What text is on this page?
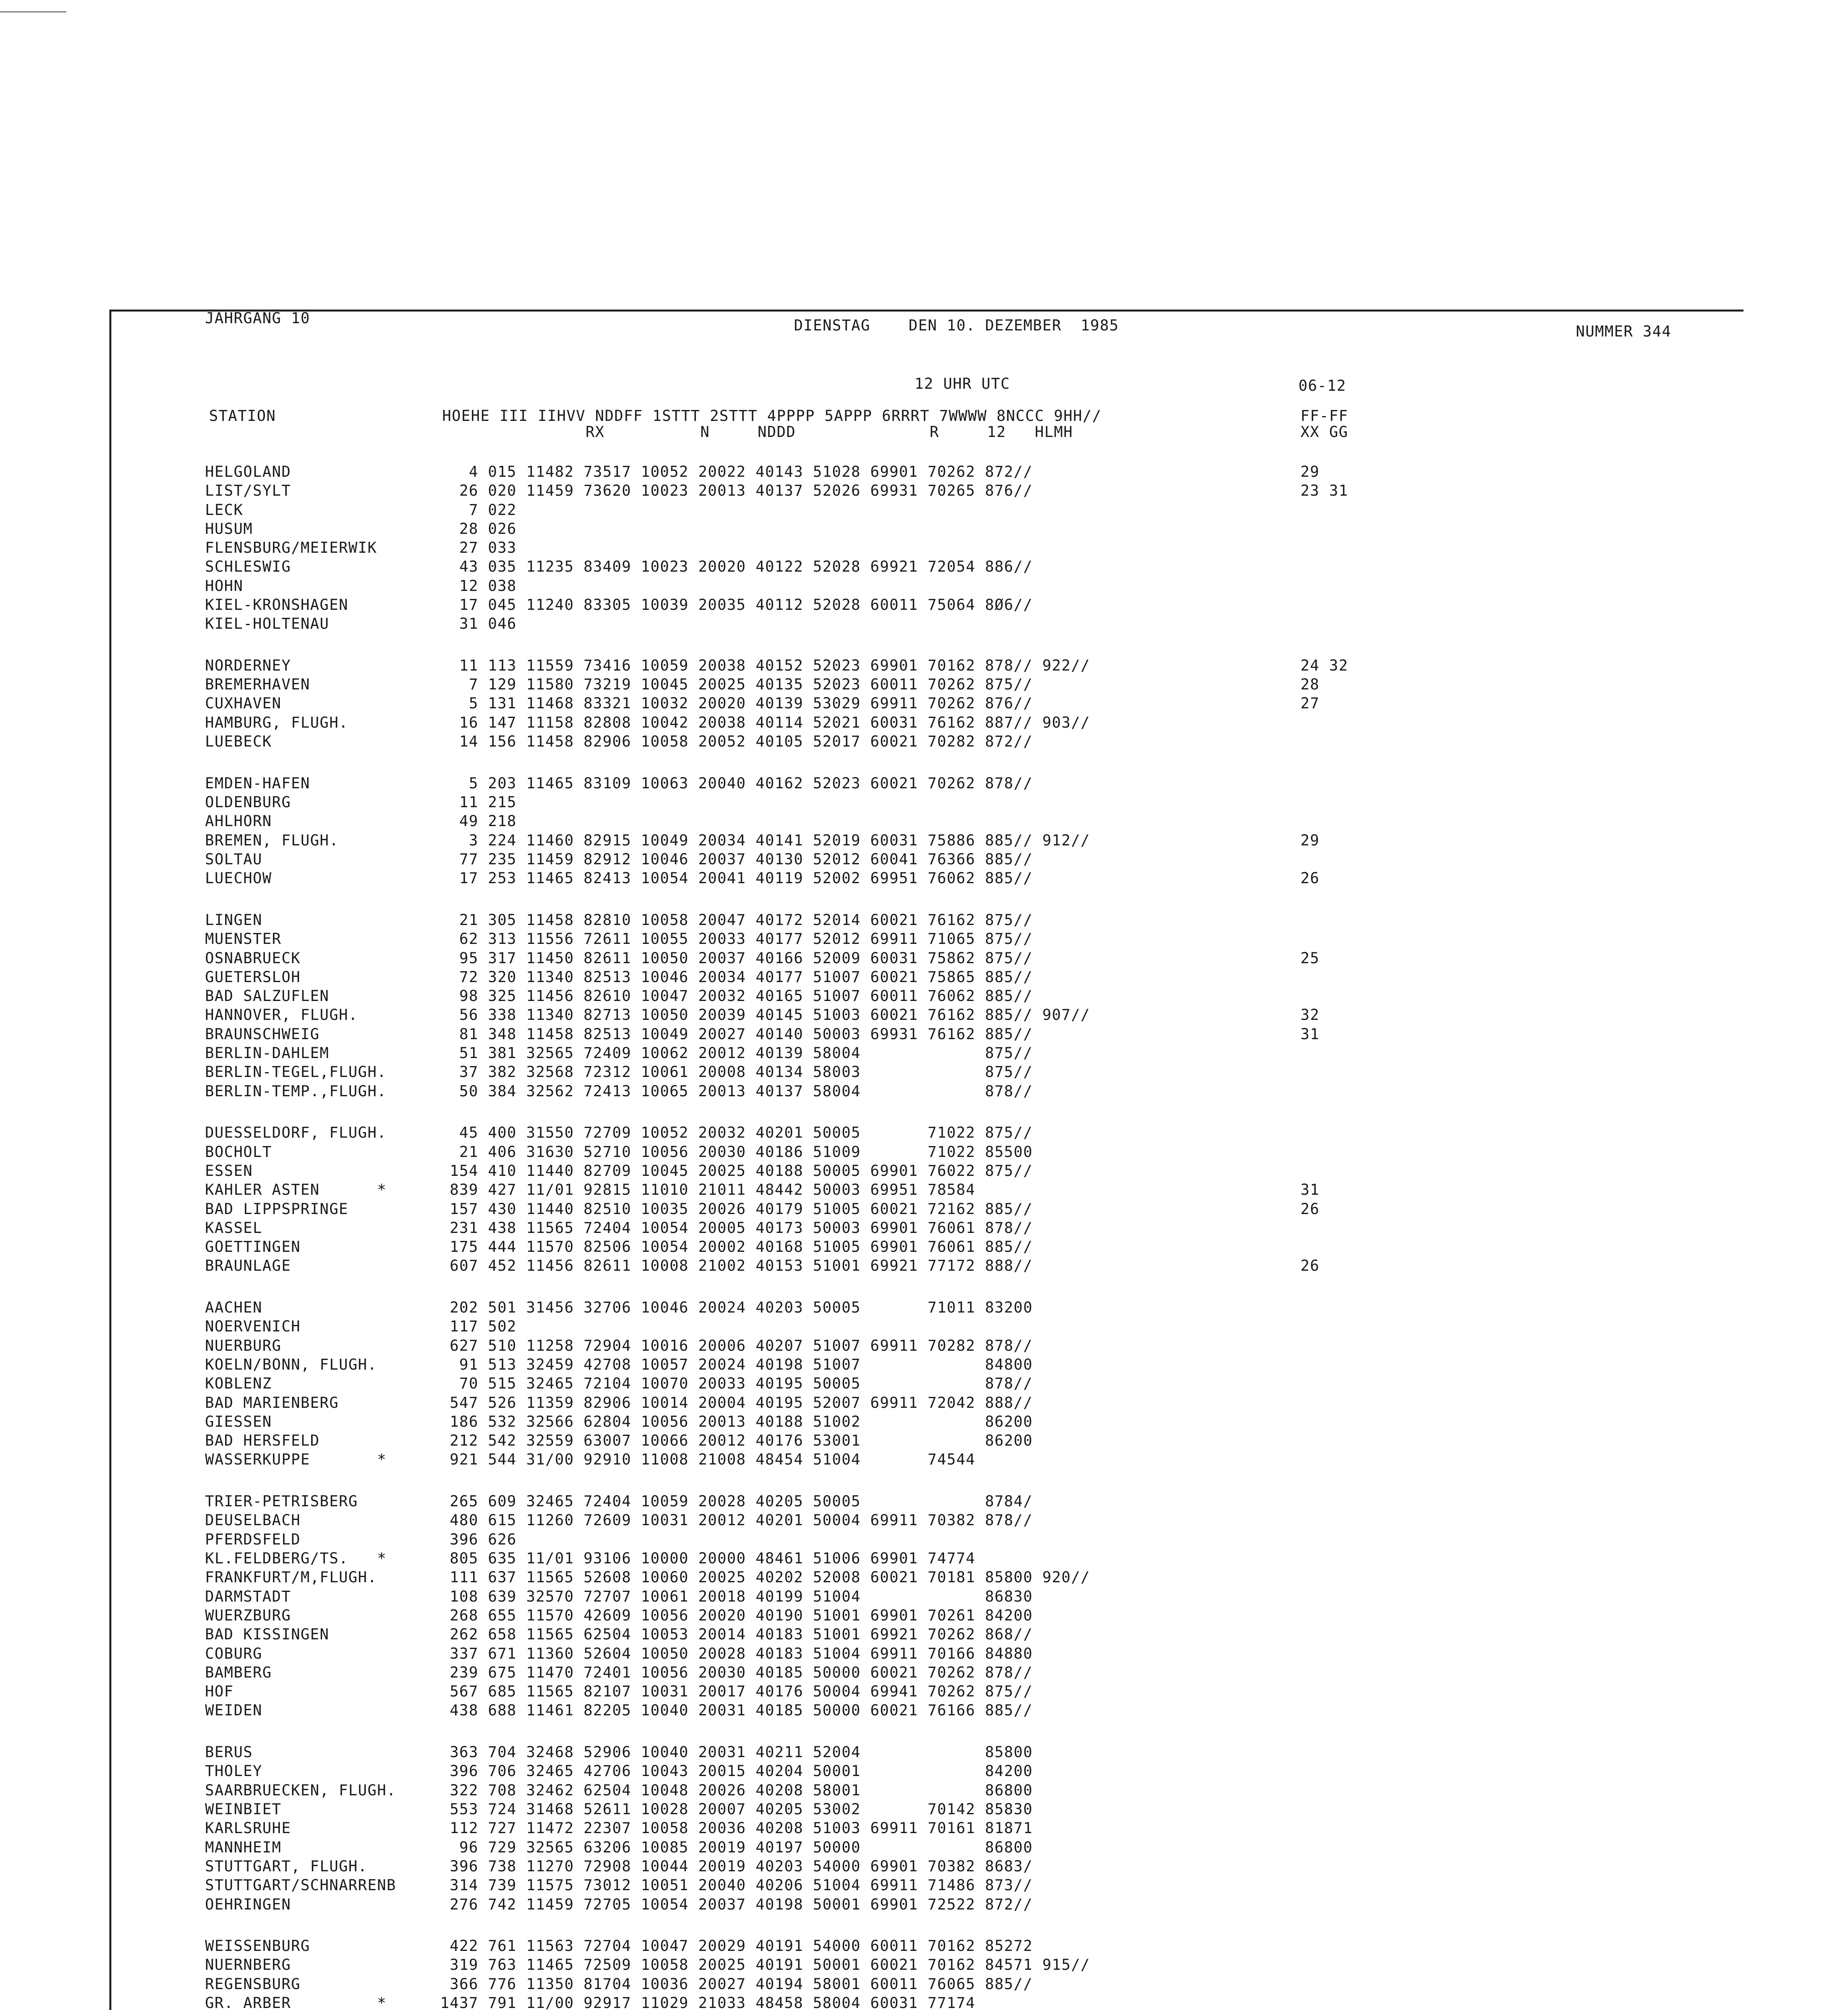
JAHRGANG 10	DIENSTAG    DEN 10. DEZEMBER  1985	NUMMER 344
12 UHR UTC	06-12
STATION	HOEHE III IIHVV NDDFF 1STTT 2STTT 4PPPP 5APPP 6RRRT 7WWWW 8NCCC 9HH//
RX          N     NDDD              R     12   HLMH
FF-FF
XX GG
HELGOLAND	4 015 11482 73517 10052 20022 40143 51028 69901 70262 872//	29
LIST/SYLT	26 020 11459 73620 10023 20013 40137 52026 69931 70265 876//	23 31
LECK	7 022
HUSUM	28 026
FLENSBURG/MEIERWIK	27 033
SCHLESWIG	43 035 11235 83409 10023 20020 40122 52028 69921 72054 886//
HOHN	12 038
KIEL-KRONSHAGEN	17 045 11240 83305 10039 20035 40112 52028 60011 75064 8Ø6//
KIEL-HOLTENAU	31 046
NORDERNEY	11 113 11559 73416 10059 20038 40152 52023 69901 70162 878// 922//	24 32
BREMERHAVEN	7 129 11580 73219 10045 20025 40135 52023 60011 70262 875//	28
CUXHAVEN	5 131 11468 83321 10032 20020 40139 53029 69911 70262 876//	27
HAMBURG, FLUGH.	16 147 11158 82808 10042 20038 40114 52021 60031 76162 887// 903//
LUEBECK	14 156 11458 82906 10058 20052 40105 52017 60021 70282 872//
EMDEN-HAFEN	5 203 11465 83109 10063 20040 40162 52023 60021 70262 878//
OLDENBURG	11 215
AHLHORN	49 218
BREMEN, FLUGH.	3 224 11460 82915 10049 20034 40141 52019 60031 75886 885// 912//	29
SOLTAU	77 235 11459 82912 10046 20037 40130 52012 60041 76366 885//
LUECHOW	17 253 11465 82413 10054 20041 40119 52002 69951 76062 885//	26
LINGEN	21 305 11458 82810 10058 20047 40172 52014 60021 76162 875//
MUENSTER	62 313 11556 72611 10055 20033 40177 52012 69911 71065 875//
OSNABRUECK	95 317 11450 82611 10050 20037 40166 52009 60031 75862 875//	25
GUETERSLOH	72 320 11340 82513 10046 20034 40177 51007 60021 75865 885//
BAD SALZUFLEN	98 325 11456 82610 10047 20032 40165 51007 60011 76062 885//
HANNOVER, FLUGH.	56 338 11340 82713 10050 20039 40145 51003 60021 76162 885// 907//	32
BRAUNSCHWEIG	81 348 11458 82513 10049 20027 40140 50003 69931 76162 885//	31
BERLIN-DAHLEM	51 381 32565 72409 10062 20012 40139 58004             875//
BERLIN-TEGEL,FLUGH.	37 382 32568 72312 10061 20008 40134 58003             875//
BERLIN-TEMP.,FLUGH.	50 384 32562 72413 10065 20013 40137 58004             878//
DUESSELDORF, FLUGH.	45 400 31550 72709 10052 20032 40201 50005       71022 875//
BOCHOLT	21 406 31630 52710 10056 20030 40186 51009       71022 85500
ESSEN	154 410 11440 82709 10045 20025 40188 50005 69901 76022 875//
KAHLER ASTEN      *	839 427 11/01 92815 11010 21011 48442 50003 69951 78584	31
BAD LIPPSPRINGE	157 430 11440 82510 10035 20026 40179 51005 60021 72162 885//	26
KASSEL	231 438 11565 72404 10054 20005 40173 50003 69901 76061 878//
GOETTINGEN	175 444 11570 82506 10054 20002 40168 51005 69901 76061 885//
BRAUNLAGE	607 452 11456 82611 10008 21002 40153 51001 69921 77172 888//	26
AACHEN	202 501 31456 32706 10046 20024 40203 50005       71011 83200
NOERVENICH	117 502
NUERBURG	627 510 11258 72904 10016 20006 40207 51007 69911 70282 878//
KOELN/BONN, FLUGH.	91 513 32459 42708 10057 20024 40198 51007             84800
KOBLENZ	70 515 32465 72104 10070 20033 40195 50005             878//
BAD MARIENBERG	547 526 11359 82906 10014 20004 40195 52007 69911 72042 888//
GIESSEN	186 532 32566 62804 10056 20013 40188 51002             86200
BAD HERSFELD	212 542 32559 63007 10066 20012 40176 53001             86200
WASSERKUPPE       *	921 544 31/00 92910 11008 21008 48454 51004       74544
TRIER-PETRISBERG	265 609 32465 72404 10059 20028 40205 50005             8784/
DEUSELBACH	480 615 11260 72609 10031 20012 40201 50004 69911 70382 878//
PFERDSFELD	396 626
KL.FELDBERG/TS.   *	805 635 11/01 93106 10000 20000 48461 51006 69901 74774
FRANKFURT/M,FLUGH.	111 637 11565 52608 10060 20025 40202 52008 60021 70181 85800 920//
DARMSTADT	108 639 32570 72707 10061 20018 40199 51004             86830
WUERZBURG	268 655 11570 42609 10056 20020 40190 51001 69901 70261 84200
BAD KISSINGEN	262 658 11565 62504 10053 20014 40183 51001 69921 70262 868//
COBURG	337 671 11360 52604 10050 20028 40183 51004 69911 70166 84880
BAMBERG	239 675 11470 72401 10056 20030 40185 50000 60021 70262 878//
HOF	567 685 11565 82107 10031 20017 40176 50004 69941 70262 875//
WEIDEN	438 688 11461 82205 10040 20031 40185 50000 60021 76166 885//
BERUS	363 704 32468 52906 10040 20031 40211 52004             85800
THOLEY	396 706 32465 42706 10043 20015 40204 50001             84200
SAARBRUECKEN, FLUGH.	322 708 32462 62504 10048 20026 40208 58001             86800
WEINBIET	553 724 31468 52611 10028 20007 40205 53002       70142 85830
KARLSRUHE	112 727 11472 22307 10058 20036 40208 51003 69911 70161 81871
MANNHEIM	96 729 32565 63206 10085 20019 40197 50000             86800
STUTTGART, FLUGH.	396 738 11270 72908 10044 20019 40203 54000 69901 70382 8683/
STUTTGART/SCHNARRENB	314 739 11575 73012 10051 20040 40206 51004 69911 71486 873//
OEHRINGEN	276 742 11459 72705 10054 20037 40198 50001 69901 72522 872//
WEISSENBURG	422 761 11563 72704 10047 20029 40191 54000 60011 70162 85272
NUERNBERG	319 763 11465 72509 10058 20025 40191 50001 60021 70162 84571 915//
REGENSBURG	366 776 11350 81704 10036 20027 40194 58001 60011 76065 885//
GR. ARBER         *	1437 791 11/00 92917 11029 21033 48458 58004 60031 77174
